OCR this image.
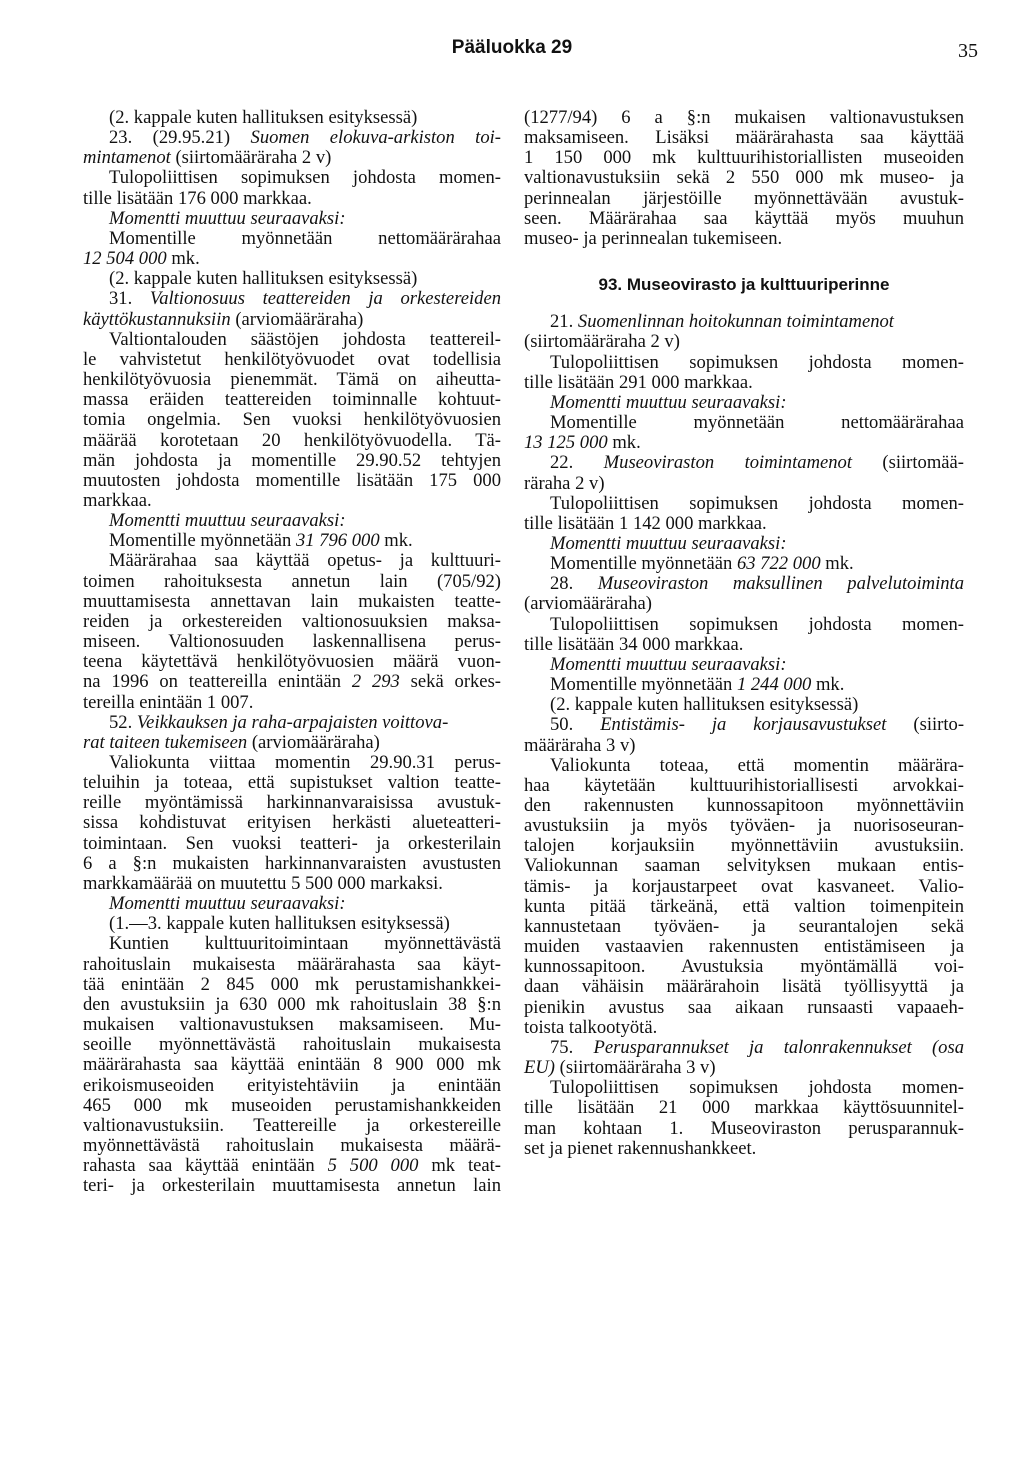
Pääluokka 29	35
(2. kappale kuten hallituksen esityksessä)
23. (29.95.21) Suomen elokuva-arkiston toi-
mintamenot (siirtomääräraha 2 v)
Tulopoliittisen sopimuksen johdosta momen-
tille lisätään 176 000 markkaa.
Momentti muuttuu seuraavaksi:
Momentille myönnetään nettomäärärahaa
12 504 000 mk.
(2. kappale kuten hallituksen esityksessä)
31. Valtionosuus teattereiden ja orkestereiden
käyttökustannuksiin (arviomääräraha)
Valtiontalouden säästöjen johdosta teattereil-
le vahvistetut henkilötyövuodet ovat todellisia
henkilötyövuosia pienemmät. Tämä on aiheutta-
massa eräiden teattereiden toiminnalle kohtuut-
tomia ongelmia. Sen vuoksi henkilötyövuosien
määrää korotetaan 20 henkilötyövuodella. Tä-
män johdosta ja momentille 29.90.52 tehtyjen
muutosten johdosta momentille lisätään 175 000
markkaa.
Momentti muuttuu seuraavaksi:
Momentille myönnetään 31 796 000 mk.
Määrärahaa saa käyttää opetus- ja kulttuuri-
toimen rahoituksesta annetun lain (705/92)
muuttamisesta annettavan lain mukaisten teatte-
reiden ja orkestereiden valtionosuuksien maksa-
miseen. Valtionosuuden laskennallisena perus-
teena käytettävä henkilötyövuosien määrä vuon-
na 1996 on teattereilla enintään 2 293 sekä orkes-
tereilla enintään 1 007.
52. Veikkauksen ja raha-arpajaisten voittova-
rat taiteen tukemiseen (arviomääräraha)
Valiokunta viittaa momentin 29.90.31 perus-
teluihin ja toteaa, että supistukset valtion teatte-
reille myöntämissä harkinnanvaraisissa avustuk-
sissa kohdistuvat erityisen herkästi alueteatteri-
toimintaan. Sen vuoksi teatteri- ja orkesterilain
6 a §:n mukaisten harkinnanvaraisten avustusten
markkamäärää on muutettu 5 500 000 markaksi.
Momentti muuttuu seuraavaksi:
(1.—3. kappale kuten hallituksen esityksessä)
Kuntien kulttuuritoimintaan myönnettävästä
rahoituslain mukaisesta määrärahasta saa käyt-
tää enintään 2 845 000 mk perustamishankkei-
den avustuksiin ja 630 000 mk rahoituslain 38 §:n
mukaisen valtionavustuksen maksamiseen. Mu-
seoille myönnettävästä rahoituslain mukaisesta
määrärahasta saa käyttää enintään 8 900 000 mk
erikoismuseoiden erityistehtäviin ja enintään
465 000 mk museoiden perustamishankkeiden
valtionavustuksiin. Teattereille ja orkestereille
myönnettävästä rahoituslain mukaisesta määrä-
rahasta saa käyttää enintään 5 500 000 mk teat-
teri- ja orkesterilain muuttamisesta annetun lain
(1277/94) 6 a §:n mukaisen valtionavustuksen
maksamiseen. Lisäksi määrärahasta saa käyttää
1 150 000 mk kulttuurihistoriallisten museoiden
valtionavustuksiin sekä 2 550 000 mk museo- ja
perinnealan järjestöille myönnettävään avustuk-
seen. Määrärahaa saa käyttää myös muuhun
museo- ja perinnealan tukemiseen.
93. Museovirasto ja kulttuuriperinne
21. Suomenlinnan hoitokunnan toimintamenot
(siirtomääräraha 2 v)
Tulopoliittisen sopimuksen johdosta momen-
tille lisätään 291 000 markkaa.
Momentti muuttuu seuraavaksi:
Momentille myönnetään nettomäärärahaa
13 125 000 mk.
22. Museoviraston toimintamenot (siirtomää-
räraha 2 v)
Tulopoliittisen sopimuksen johdosta momen-
tille lisätään 1 142 000 markkaa.
Momentti muuttuu seuraavaksi:
Momentille myönnetään 63 722 000 mk.
28. Museoviraston maksullinen palvelutoiminta
(arviomääräraha)
Tulopoliittisen sopimuksen johdosta momen-
tille lisätään 34 000 markkaa.
Momentti muuttuu seuraavaksi:
Momentille myönnetään 1 244 000 mk.
(2. kappale kuten hallituksen esityksessä)
50. Entistämis- ja korjausavustukset (siirto-
määräraha 3 v)
Valiokunta toteaa, että momentin määrära-
haa käytetään kulttuurihistoriallisesti arvokkai-
den rakennusten kunnossapitoon myönnettäviin
avustuksiin ja myös työväen- ja nuorisoseuran-
talojen korjauksiin myönnettäviin avustuksiin.
Valiokunnan saaman selvityksen mukaan entis-
tämis- ja korjaustarpeet ovat kasvaneet. Valio-
kunta pitää tärkeänä, että valtion toimenpitein
kannustetaan työväen- ja seurantalojen sekä
muiden vastaavien rakennusten entistämiseen ja
kunnossapitoon. Avustuksia myöntämällä voi-
daan vähäisin määrärahoin lisätä työllisyyttä ja
pienikin avustus saa aikaan runsaasti vapaaeh-
toista talkootyötä.
75. Perusparannukset ja talonrakennukset (osa
EU) (siirtomääräraha 3 v)
Tulopoliittisen sopimuksen johdosta momen-
tille lisätään 21 000 markkaa käyttösuunnitel-
man kohtaan 1. Museoviraston perusparannuk-
set ja pienet rakennushankkeet.
